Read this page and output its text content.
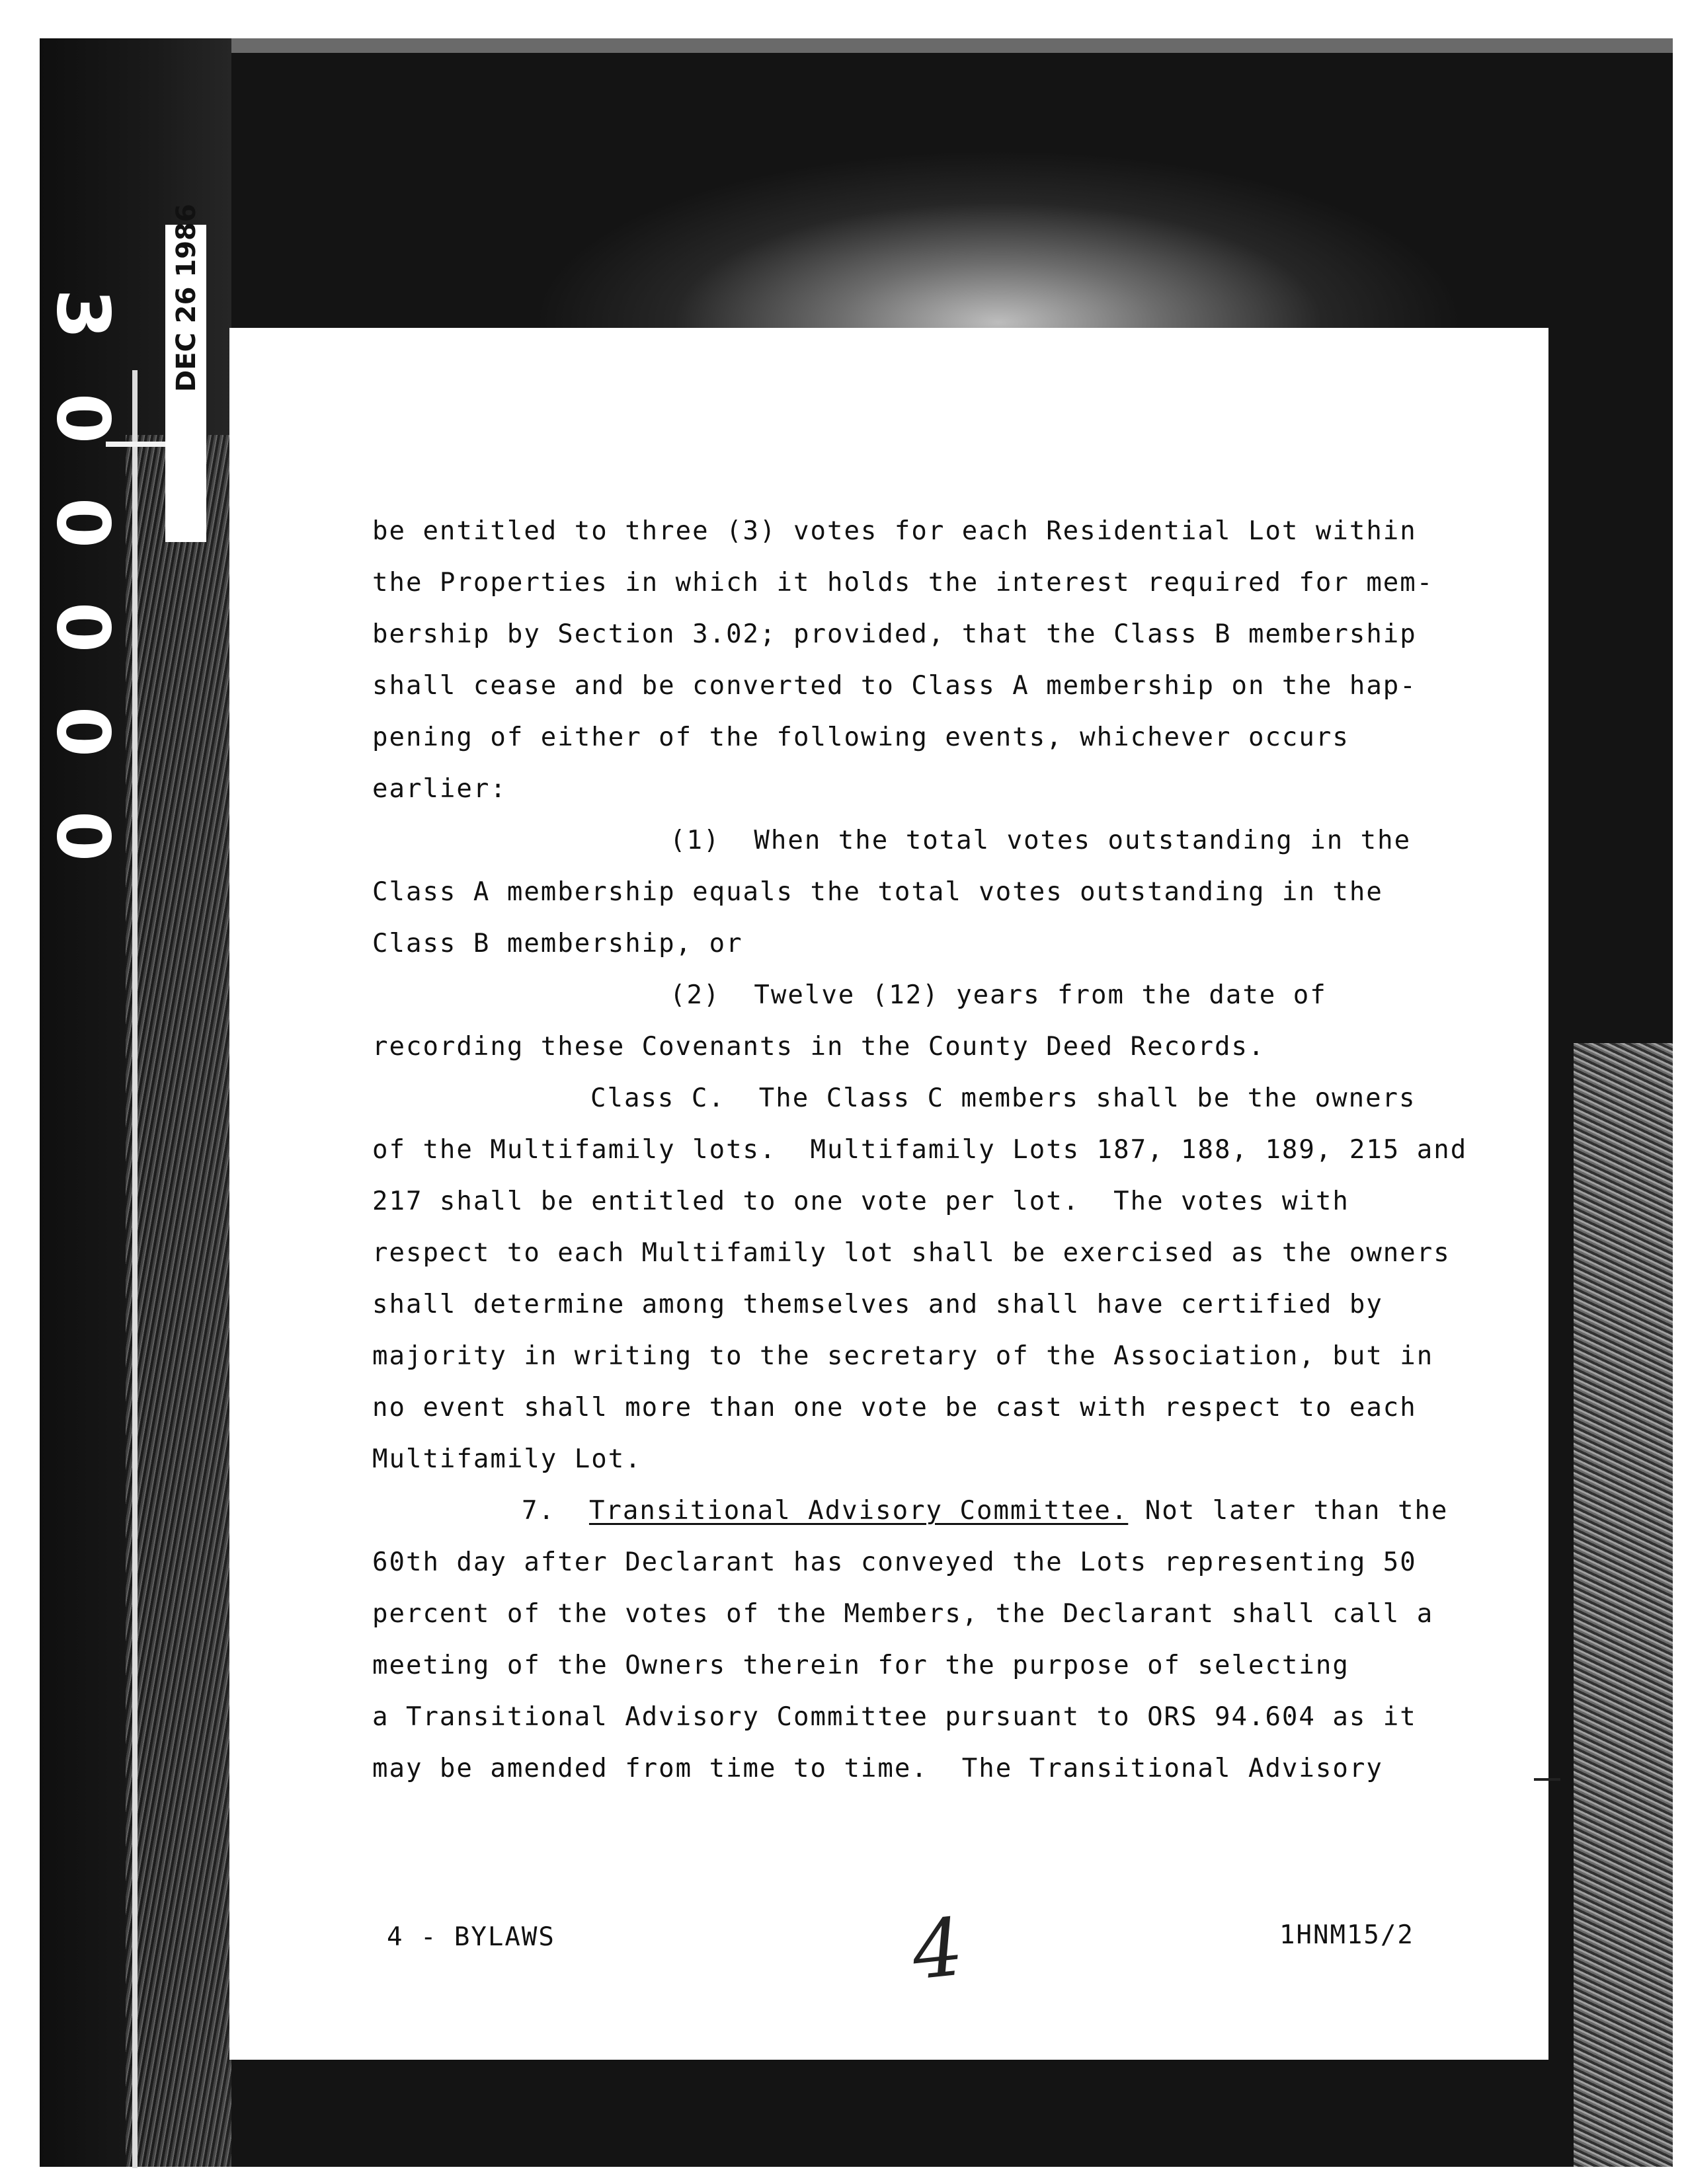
3
0
0
0
0
0
be entitled to three (3) votes for each Residential Lot within
the Properties in which it holds the interest required for mem-
bership by Section 3.02; provided, that the Class B membership
shall cease and be converted to Class A membership on the hap-
pening of either of the following events, whichever occurs
earlier:
(1)  When the total votes outstanding in the
Class A membership equals the total votes outstanding in the
Class B membership, or
(2)  Twelve (12) years from the date of
recording these Covenants in the County Deed Records.
Class C.  The Class C members shall be the owners
of the Multifamily lots.  Multifamily Lots 187, 188, 189, 215 and
217 shall be entitled to one vote per lot.  The votes with
respect to each Multifamily lot shall be exercised as the owners
shall determine among themselves and shall have certified by
majority in writing to the secretary of the Association, but in
no event shall more than one vote be cast with respect to each
Multifamily Lot.
7. Transitional Advisory Committee. Not later than the
60th day after Declarant has conveyed the Lots representing 50
percent of the votes of the Members, the Declarant shall call a
meeting of the Owners therein for the purpose of selecting
a Transitional Advisory Committee pursuant to ORS 94.604 as it
may be amended from time to time.  The Transitional Advisory
4 - BYLAWS	4	1HNM15/2
